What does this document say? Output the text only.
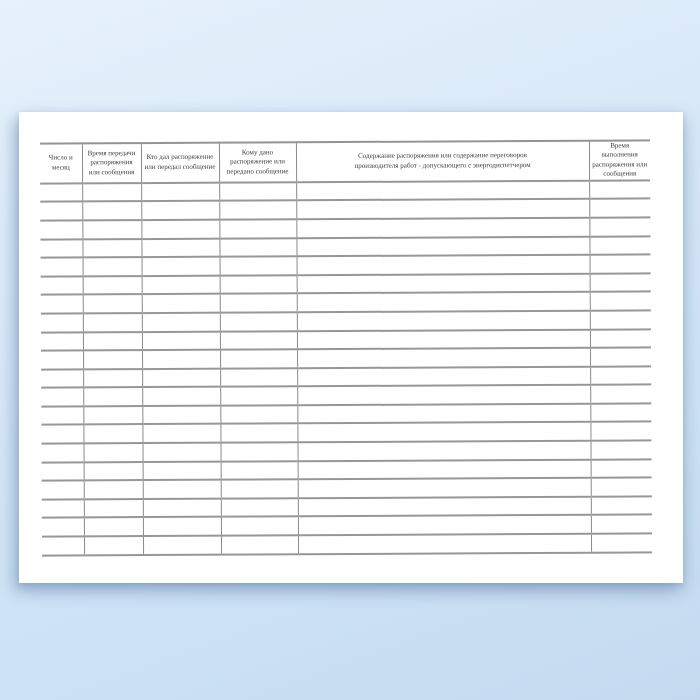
Число и месяц	Время передачи распоряжения или сообщения	Кто дал распоряжение или передал сообщение	Кому дано распоряжение или передано сообщение	Содержание распоряжения или содержание переговоров производителя работ - допускающего с энергодиспетчером	Время выполнения распоряжения или сообщения
